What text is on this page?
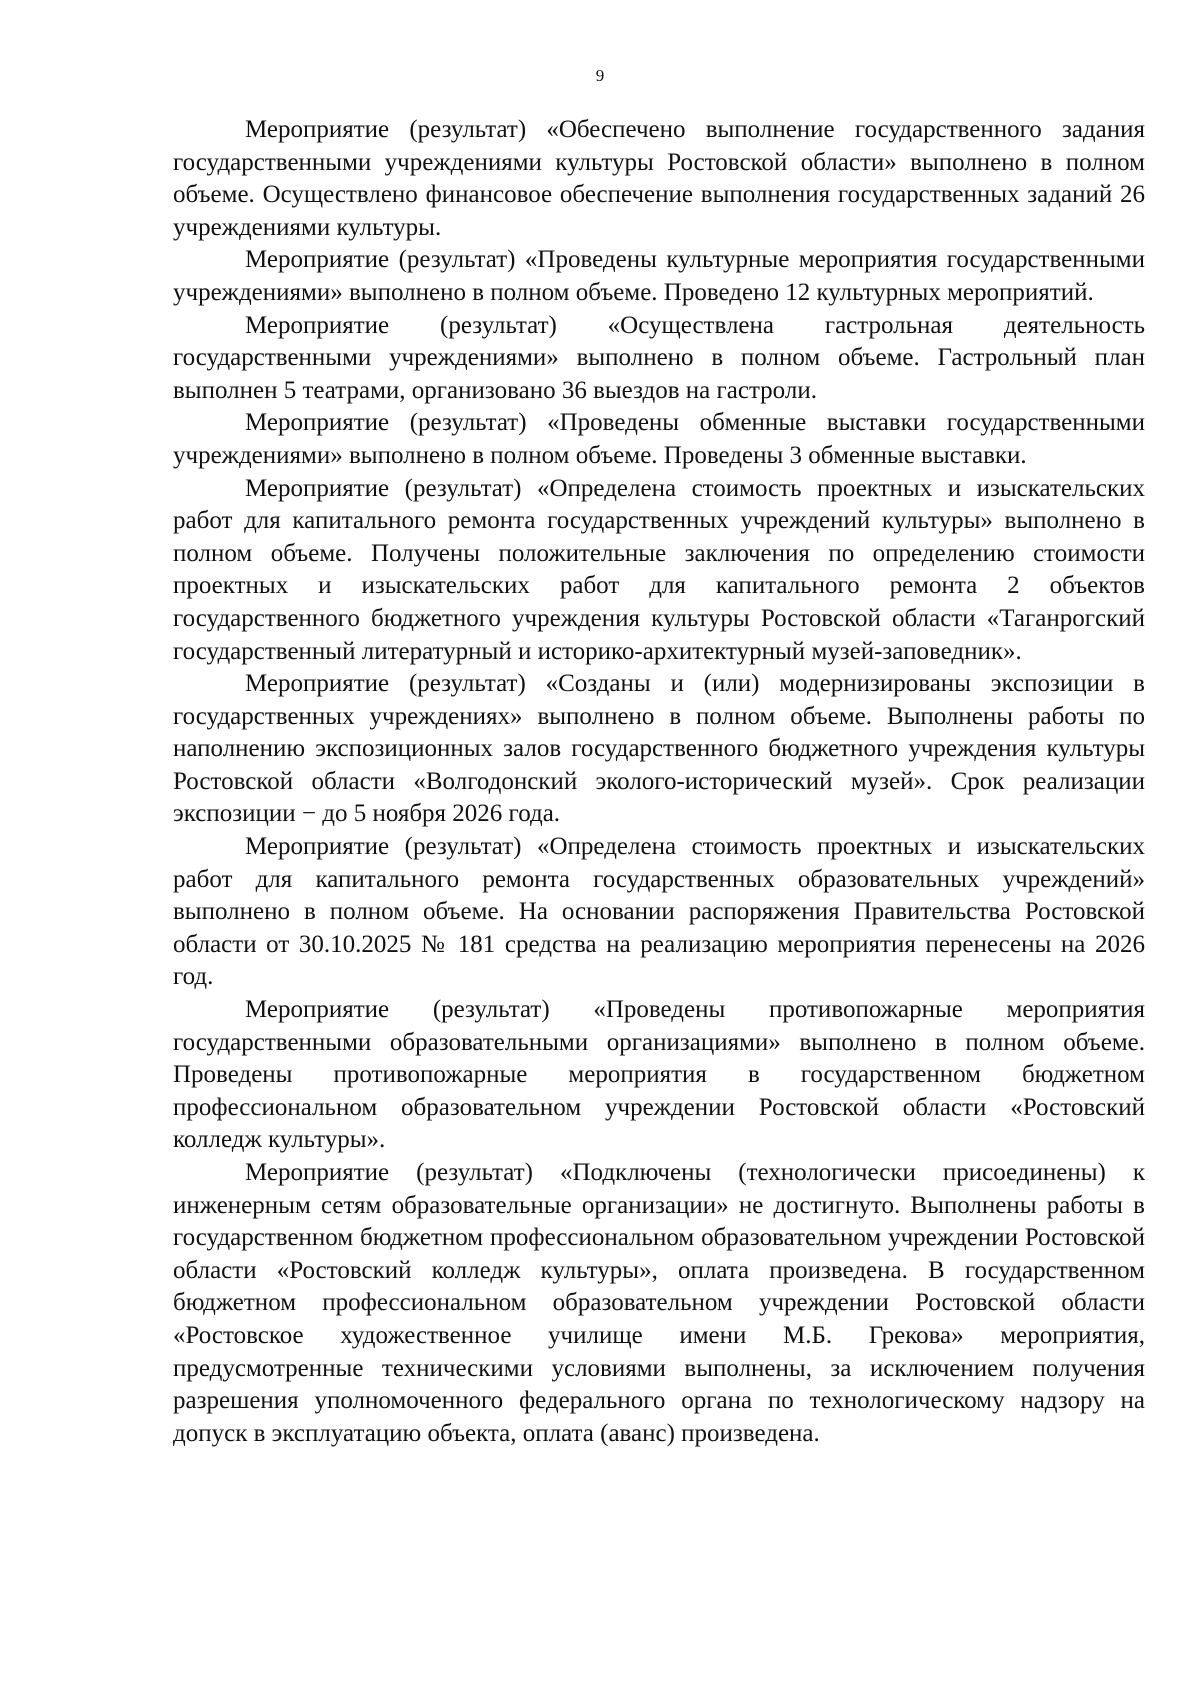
9

Мероприятие (результат) «Обеспечено выполнение государственного задания государственными учреждениями культуры Ростовской области» выполнено в полном объеме. Осуществлено финансовое обеспечение выполнения государственных заданий 26 учреждениями культуры.

Мероприятие (результат) «Проведены культурные мероприятия государственными учреждениями» выполнено в полном объеме. Проведено 12 культурных мероприятий.

Мероприятие (результат) «Осуществлена гастрольная деятельность государственными учреждениями» выполнено в полном объеме. Гастрольный план выполнен 5 театрами, организовано 36 выездов на гастроли.

Мероприятие (результат) «Проведены обменные выставки государственными учреждениями» выполнено в полном объеме. Проведены 3 обменные выставки.

Мероприятие (результат) «Определена стоимость проектных и изыскательских работ для капитального ремонта государственных учреждений культуры» выполнено в полном объеме. Получены положительные заключения по определению стоимости проектных и изыскательских работ для капитального ремонта 2 объектов государственного бюджетного учреждения культуры Ростовской области «Таганрогский государственный литературный и историко-архитектурный музей-заповедник».

Мероприятие (результат) «Созданы и (или) модернизированы экспозиции в государственных учреждениях» выполнено в полном объеме. Выполнены работы по наполнению экспозиционных залов государственного бюджетного учреждения культуры Ростовской области «Волгодонский эколого-исторический музей». Срок реализации экспозиции − до 5 ноября 2026 года.

Мероприятие (результат) «Определена стоимость проектных и изыскательских работ для капитального ремонта государственных образовательных учреждений» выполнено в полном объеме. На основании распоряжения Правительства Ростовской области от 30.10.2025 № 181 средства на реализацию мероприятия перенесены на 2026 год.

Мероприятие (результат) «Проведены противопожарные мероприятия государственными образовательными организациями» выполнено в полном объеме. Проведены противопожарные мероприятия в государственном бюджетном профессиональном образовательном учреждении Ростовской области «Ростовский колледж культуры».

Мероприятие (результат) «Подключены (технологически присоединены) к инженерным сетям образовательные организации» не достигнуто. Выполнены работы в государственном бюджетном профессиональном образовательном учреждении Ростовской области «Ростовский колледж культуры», оплата произведена. В государственном бюджетном профессиональном образовательном учреждении Ростовской области «Ростовское художественное училище имени М.Б. Грекова» мероприятия, предусмотренные техническими условиями выполнены, за исключением получения разрешения уполномоченного федерального органа по технологическому надзору на допуск в эксплуатацию объекта, оплата (аванс) произведена.
